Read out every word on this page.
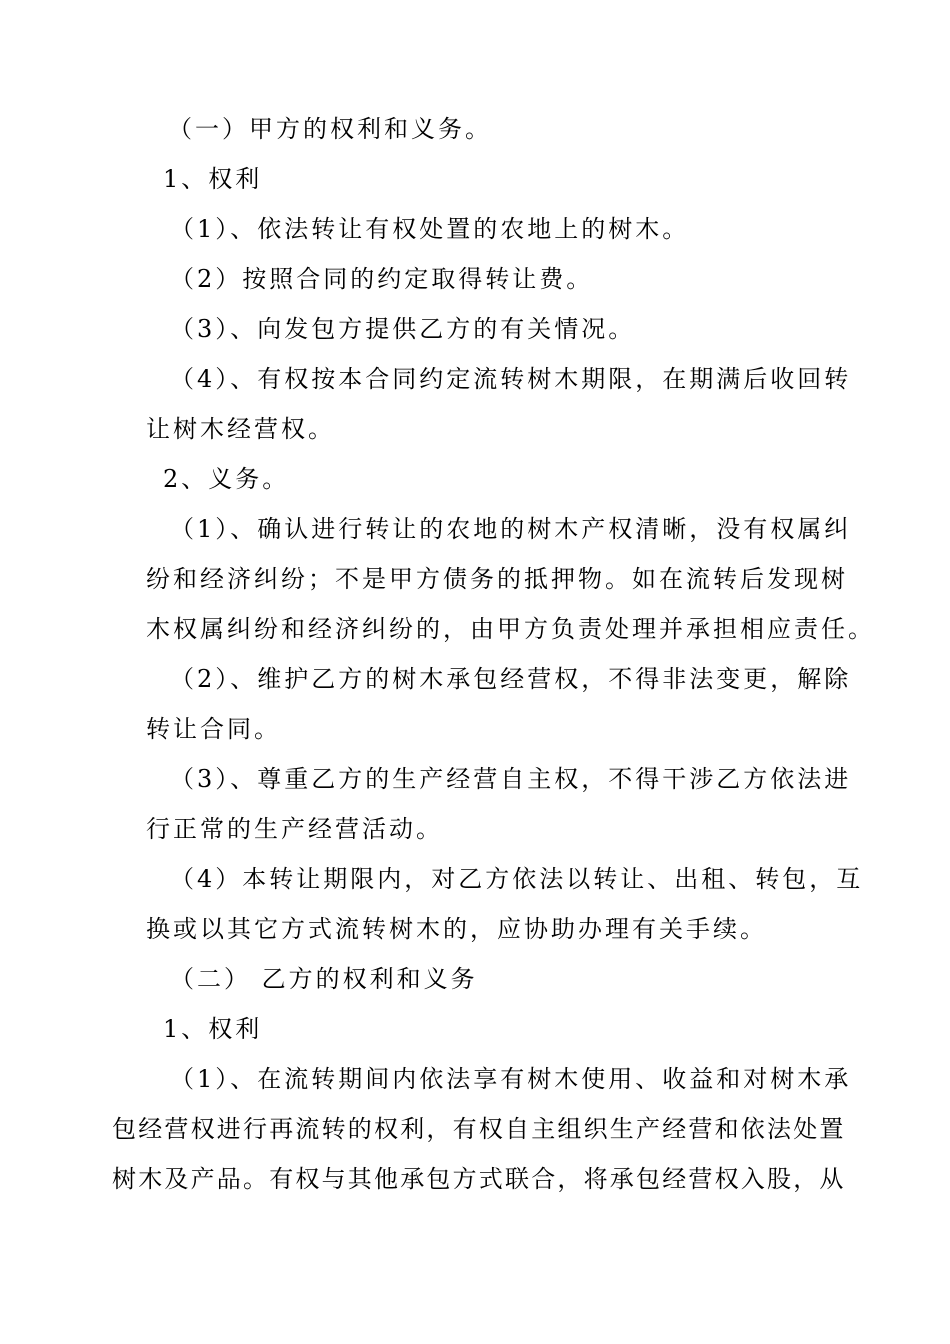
（一）甲方的权利和义务。
1、权利
（1）、依法转让有权处置的农地上的树木。
（2）按照合同的约定取得转让费。
（3）、向发包方提供乙方的有关情况。
（4）、有权按本合同约定流转树木期限，在期满后收回转
让树木经营权。
2、义务。
（1）、确认进行转让的农地的树木产权清晰，没有权属纠
纷和经济纠纷；不是甲方债务的抵押物。如在流转后发现树
木权属纠纷和经济纠纷的，由甲方负责处理并承担相应责任。
（2）、维护乙方的树木承包经营权，不得非法变更，解除
转让合同。
（3）、尊重乙方的生产经营自主权，不得干涉乙方依法进
行正常的生产经营活动。
（4）本转让期限内，对乙方依法以转让、出租、转包，互
换或以其它方式流转树木的，应协助办理有关手续。
（二） 乙方的权利和义务
1、权利
（1）、在流转期间内依法享有树木使用、收益和对树木承
包经营权进行再流转的权利，有权自主组织生产经营和依法处置
树木及产品。有权与其他承包方式联合，将承包经营权入股，从
